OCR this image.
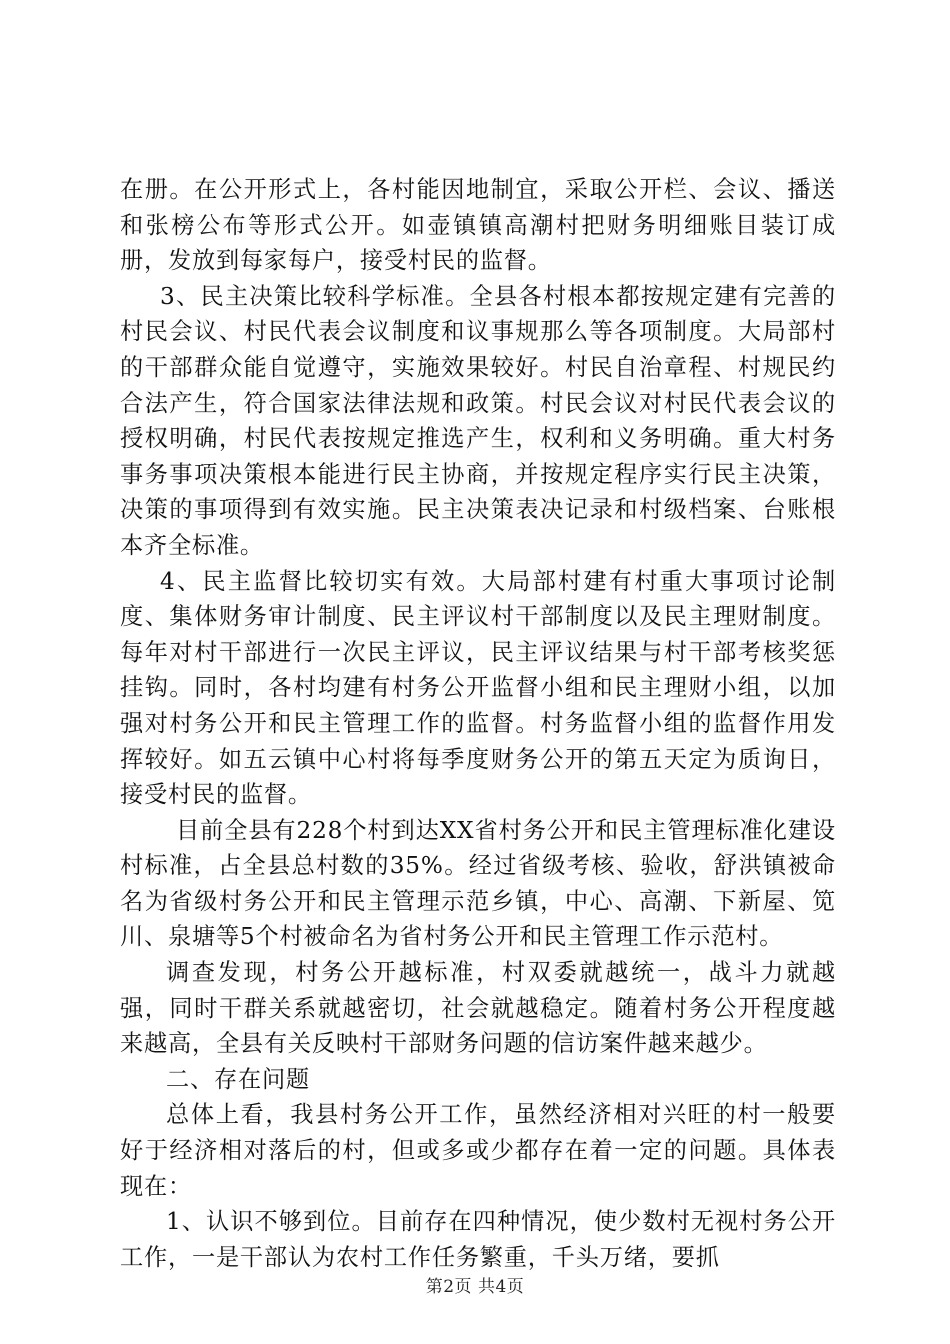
在册。在公开形式上，各村能因地制宜，采取公开栏、会议、播送和张榜公布等形式公开。如壶镇镇高潮村把财务明细账目装订成册，发放到每家每户，接受村民的监督。

3、民主决策比较科学标准。全县各村根本都按规定建有完善的村民会议、村民代表会议制度和议事规那么等各项制度。大局部村的干部群众能自觉遵守，实施效果较好。村民自治章程、村规民约合法产生，符合国家法律法规和政策。村民会议对村民代表会议的授权明确，村民代表按规定推选产生，权利和义务明确。重大村务事务事项决策根本能进行民主协商，并按规定程序实行民主决策，决策的事项得到有效实施。民主决策表决记录和村级档案、台账根本齐全标准。

4、民主监督比较切实有效。大局部村建有村重大事项讨论制度、集体财务审计制度、民主评议村干部制度以及民主理财制度。每年对村干部进行一次民主评议，民主评议结果与村干部考核奖惩挂钩。同时，各村均建有村务公开监督小组和民主理财小组，以加强对村务公开和民主管理工作的监督。村务监督小组的监督作用发挥较好。如五云镇中心村将每季度财务公开的第五天定为质询日，接受村民的监督。

目前全县有228个村到达XX省村务公开和民主管理标准化建设村标准，占全县总村数的35%。经过省级考核、验收，舒洪镇被命名为省级村务公开和民主管理示范乡镇，中心、高潮、下新屋、笕川、泉塘等5个村被命名为省村务公开和民主管理工作示范村。

调查发现，村务公开越标准，村双委就越统一，战斗力就越强，同时干群关系就越密切，社会就越稳定。随着村务公开程度越来越高，全县有关反映村干部财务问题的信访案件越来越少。

二、存在问题

总体上看，我县村务公开工作，虽然经济相对兴旺的村一般要好于经济相对落后的村，但或多或少都存在着一定的问题。具体表现在：

1、认识不够到位。目前存在四种情况，使少数村无视村务公开工作，一是干部认为农村工作任务繁重，千头万绪，要抓

第2页 共4页
